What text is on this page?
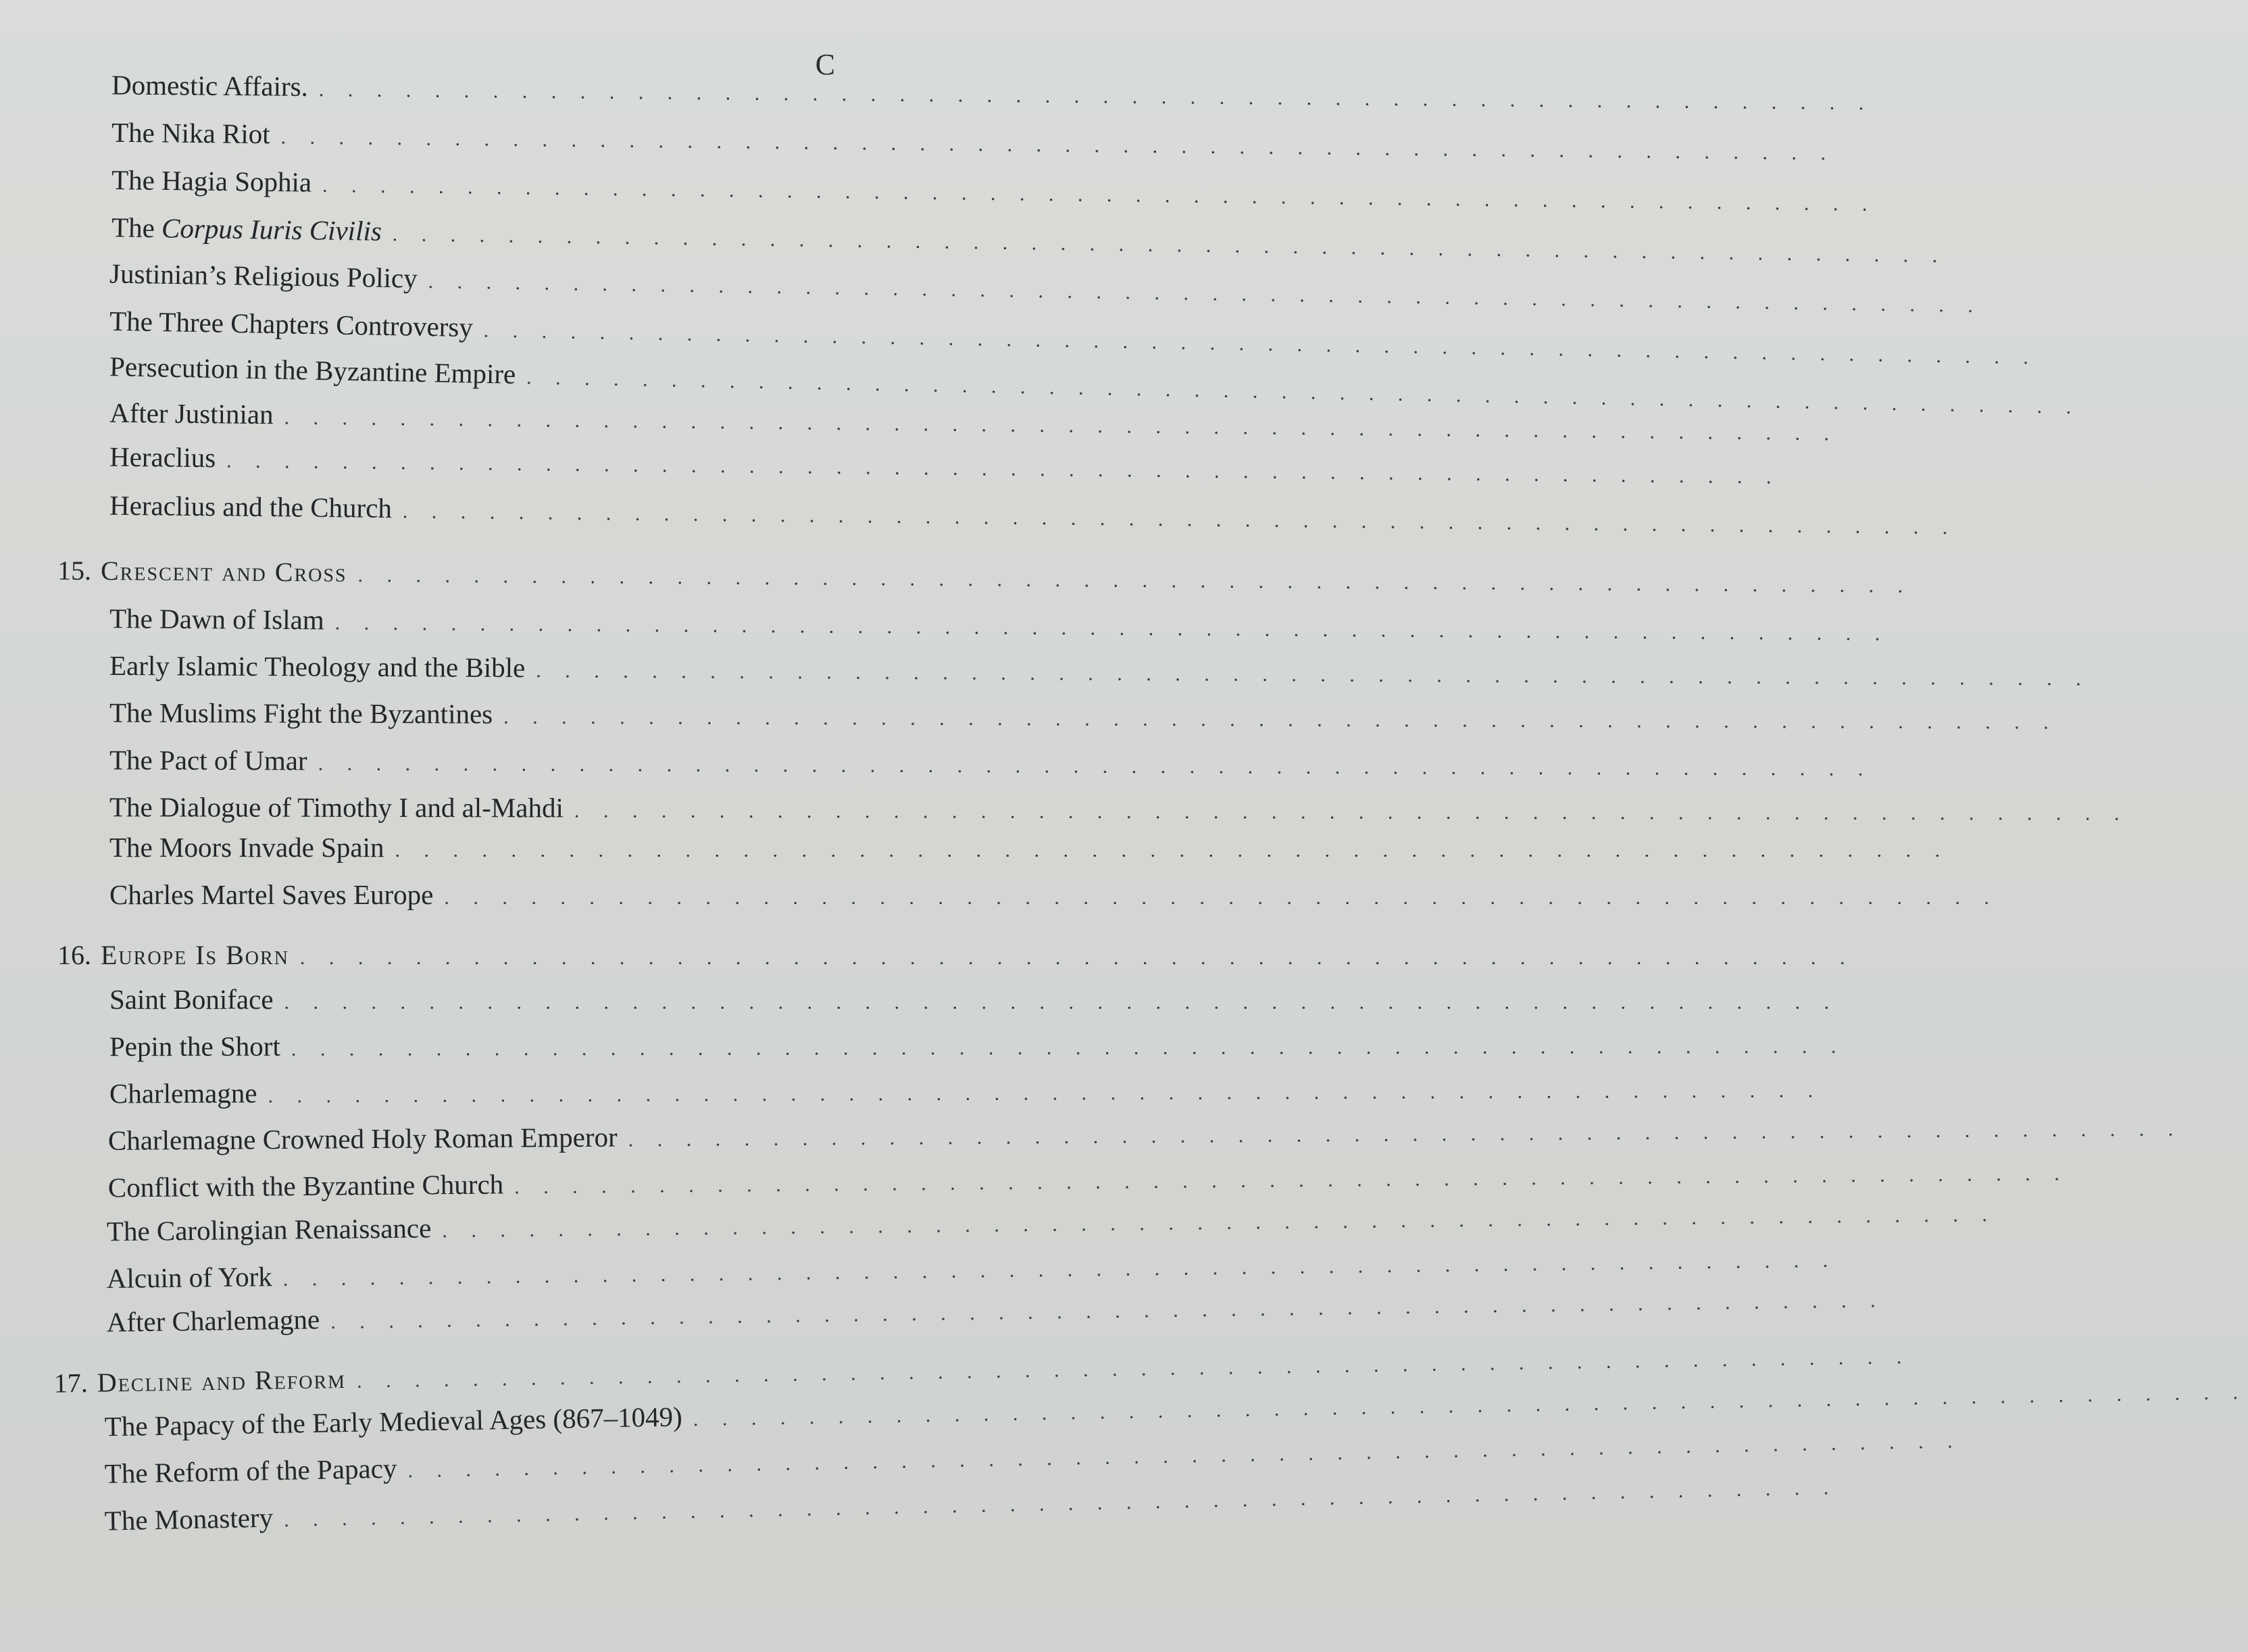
C
Domestic Affairs. . . . . . . . . . . . . . . . . . . . . . . . . . . . . . . . . . . . . . . . . . . . . . . . . . . . . . .
The Nika Riot . . . . . . . . . . . . . . . . . . . . . . . . . . . . . . . . . . . . . . . . . . . . . . . . . . . . . .
The Hagia Sophia . . . . . . . . . . . . . . . . . . . . . . . . . . . . . . . . . . . . . . . . . . . . . . . . . . . . . .
The Corpus Iuris Civilis . . . . . . . . . . . . . . . . . . . . . . . . . . . . . . . . . . . . . . . . . . . . . . . . . . . . . .
Justinian’s Religious Policy . . . . . . . . . . . . . . . . . . . . . . . . . . . . . . . . . . . . . . . . . . . . . . . . . . . . . .
The Three Chapters Controversy . . . . . . . . . . . . . . . . . . . . . . . . . . . . . . . . . . . . . . . . . . . . . . . . . . . . . .
Persecution in the Byzantine Empire . . . . . . . . . . . . . . . . . . . . . . . . . . . . . . . . . . . . . . . . . . . . . . . . . . . . . .
After Justinian . . . . . . . . . . . . . . . . . . . . . . . . . . . . . . . . . . . . . . . . . . . . . . . . . . . . . .
Heraclius . . . . . . . . . . . . . . . . . . . . . . . . . . . . . . . . . . . . . . . . . . . . . . . . . . . . . .
Heraclius and the Church . . . . . . . . . . . . . . . . . . . . . . . . . . . . . . . . . . . . . . . . . . . . . . . . . . . . . .
15. Crescent and Cross . . . . . . . . . . . . . . . . . . . . . . . . . . . . . . . . . . . . . . . . . . . . . . . . . . . . . .
The Dawn of Islam . . . . . . . . . . . . . . . . . . . . . . . . . . . . . . . . . . . . . . . . . . . . . . . . . . . . . .
Early Islamic Theology and the Bible . . . . . . . . . . . . . . . . . . . . . . . . . . . . . . . . . . . . . . . . . . . . . . . . . . . . . .
The Muslims Fight the Byzantines . . . . . . . . . . . . . . . . . . . . . . . . . . . . . . . . . . . . . . . . . . . . . . . . . . . . . .
The Pact of Umar . . . . . . . . . . . . . . . . . . . . . . . . . . . . . . . . . . . . . . . . . . . . . . . . . . . . . .
The Dialogue of Timothy I and al-Mahdi . . . . . . . . . . . . . . . . . . . . . . . . . . . . . . . . . . . . . . . . . . . . . . . . . . . . . .
The Moors Invade Spain . . . . . . . . . . . . . . . . . . . . . . . . . . . . . . . . . . . . . . . . . . . . . . . . . . . . . .
Charles Martel Saves Europe . . . . . . . . . . . . . . . . . . . . . . . . . . . . . . . . . . . . . . . . . . . . . . . . . . . . . .
16. Europe Is Born . . . . . . . . . . . . . . . . . . . . . . . . . . . . . . . . . . . . . . . . . . . . . . . . . . . . . .
Saint Boniface . . . . . . . . . . . . . . . . . . . . . . . . . . . . . . . . . . . . . . . . . . . . . . . . . . . . . .
Pepin the Short . . . . . . . . . . . . . . . . . . . . . . . . . . . . . . . . . . . . . . . . . . . . . . . . . . . . . .
Charlemagne . . . . . . . . . . . . . . . . . . . . . . . . . . . . . . . . . . . . . . . . . . . . . . . . . . . . . .
Charlemagne Crowned Holy Roman Emperor . . . . . . . . . . . . . . . . . . . . . . . . . . . . . . . . . . . . . . . . . . . . . . . . . . . . . .
Conflict with the Byzantine Church . . . . . . . . . . . . . . . . . . . . . . . . . . . . . . . . . . . . . . . . . . . . . . . . . . . . . .
The Carolingian Renaissance . . . . . . . . . . . . . . . . . . . . . . . . . . . . . . . . . . . . . . . . . . . . . . . . . . . . . .
Alcuin of York . . . . . . . . . . . . . . . . . . . . . . . . . . . . . . . . . . . . . . . . . . . . . . . . . . . . . .
After Charlemagne . . . . . . . . . . . . . . . . . . . . . . . . . . . . . . . . . . . . . . . . . . . . . . . . . . . . . .
17. Decline and Reform . . . . . . . . . . . . . . . . . . . . . . . . . . . . . . . . . . . . . . . . . . . . . . . . . . . . . .
The Papacy of the Early Medieval Ages (867–1049) . . . . . . . . . . . . . . . . . . . . . . . . . . . . . . . . . . . . . . . . . . . . . . . . . . . . . .
The Reform of the Papacy . . . . . . . . . . . . . . . . . . . . . . . . . . . . . . . . . . . . . . . . . . . . . . . . . . . . . .
The Monastery . . . . . . . . . . . . . . . . . . . . . . . . . . . . . . . . . . . . . . . . . . . . . . . . . . . . . .
